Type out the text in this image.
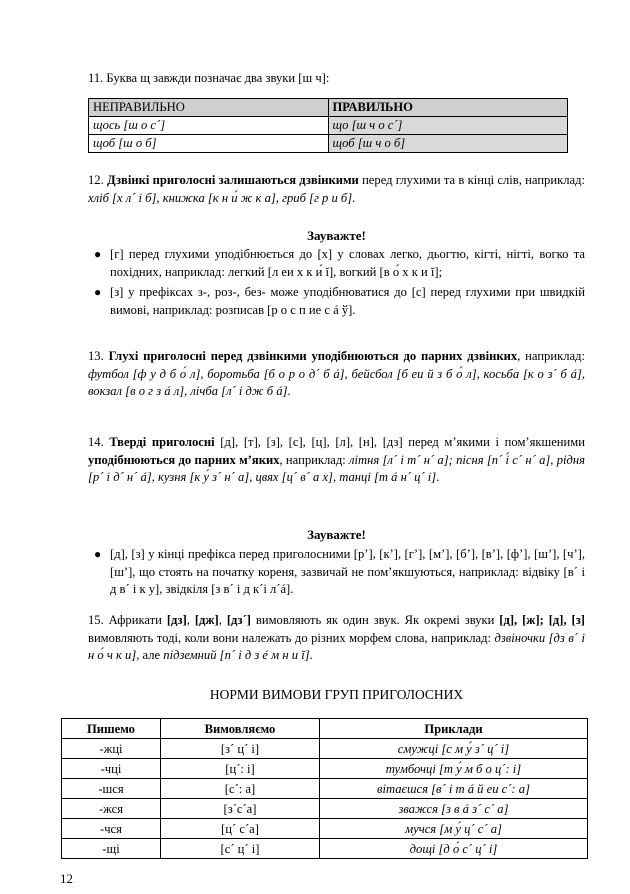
11. Буква щ завжди позначає два звуки [ш ч]:
НЕПРАВИЛЬНО	ПРАВИЛЬНО
щось [ш о с´]	що [ш ч о с´]
щоб [ш о б]	щоб [ш ч о б]
12. Дзвінкі приголосні залишаються дзвінкими перед глухими та в кінці слів, наприклад: хліб [х л´ і б], книжка [к н и́ ж к а], гриб [г р и б].
Зауважте!
● [г] перед глухими уподібнюється до [х] у словах легко, дьогтю, кігті, нігті, вогко та похідних, наприклад: легкий [л еи х к и́ ĭ], вогкий [в о́ х к и ĭ];
● [з] у префіксах з-, роз-, без- може уподібнюватися до [с] перед глухими при швидкій вимові, наприклад: розписав [р о с п иe с á ў].
13. Глухі приголосні перед дзвінкими уподібнюються до парних дзвінких, наприклад: футбол [ф у д б о́ л], боротьба [б о р о д´ б á], бейсбол [б еи й з б о́ л], косьба [к о з´ б á], вокзал [в о г з á л], лічба [л´ і дж б á].
14. Тверді приголосні [д], [т], [з], [с], [ц], [л], [н], [дз] перед м’якими і пом’якшеними уподібнюються до парних м’яких, наприклад: літня [л´ і т´ н´ а]; пісня [п´ і́ с´ н´ а], рідня [р´ і д´ н´ á], кузня [к у́ з´ н´ а], цвях [ц´ в´ а х], танці [т á н´ ц´ і].
Зауважте!
● [д], [з] у кінці префікса перед приголосними [р’], [к’], [г’], [м’], [б’], [в’], [ф’], [ш’], [ч’], [ш’], що стоять на початку кореня, зазвичай не пом’якшуються, наприклад: відвіку [в´ і д в´ і к у], звідкіля [з в´ і д к´і л´á].
15. Африкати [дз], [дж], [дз´] вимовляють як один звук. Як окремі звуки [д], [ж]; [д], [з] вимовляють тоді, коли вони належать до різних морфем слова, наприклад: дзвіночки [дз в´ і н о́ ч к и], але підземний [п´ і д з é м н и ĭ].
НОРМИ ВИМОВИ ГРУП ПРИГОЛОСНИХ
Пишемо	Вимовляємо	Приклади
-жці	[з´ ц´ і]	смужці [с м у́ з´ ц´ і]
-чці	[ц´: і]	тумбочці [т у́ м б о ц´: і]
-шся	[с´: а]	вітаєшся [в´ і т á й еи с´: а]
-жся	[з´с´а]	зважся [з в á з´ с´ а]
-чся	[ц´ с´а]	мучся [м у́ ц´ с´ а]
-щі	[с´ ц´ і]	дощі [д о́ с´ ц´ і]
12
